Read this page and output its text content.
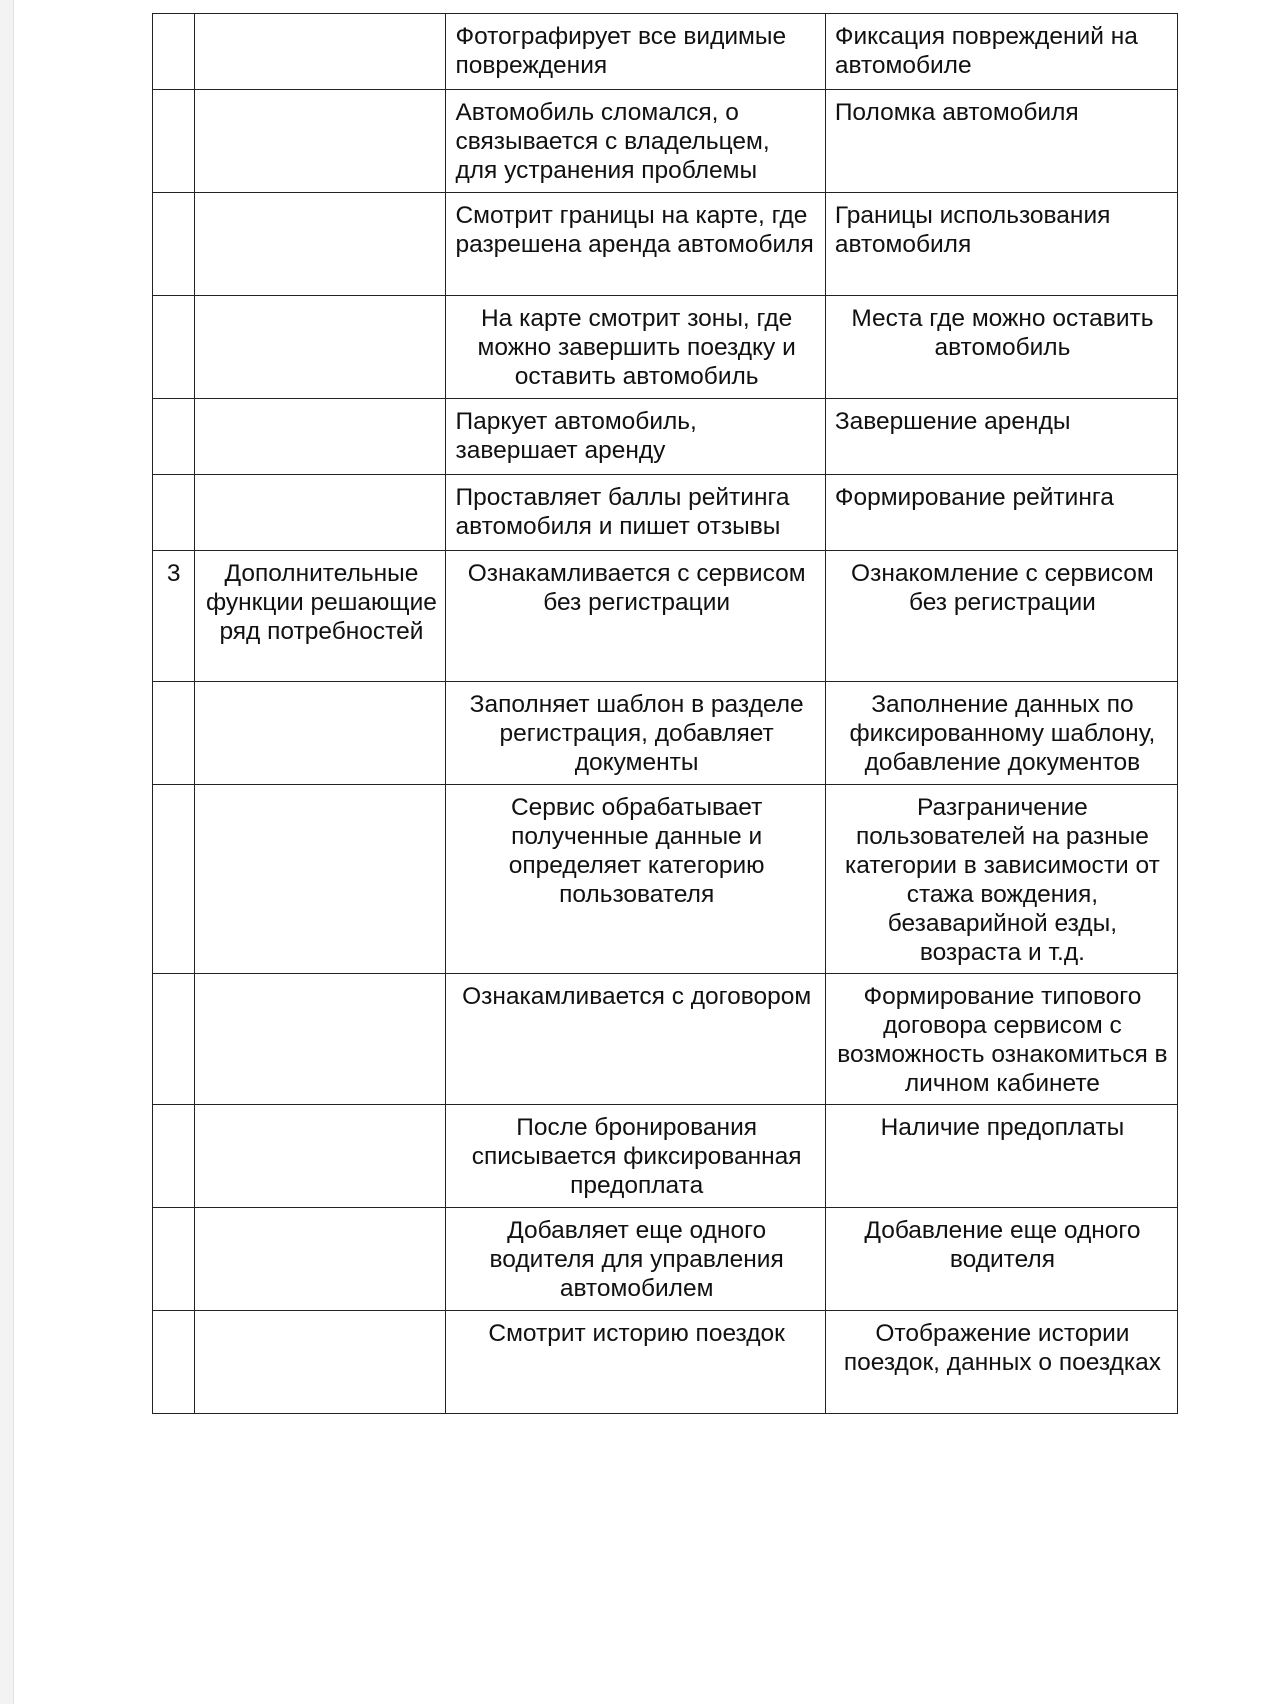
		Фотографирует все видимые повреждения	Фиксация повреждений на автомобиле
		Автомобиль сломался, о связывается с владельцем, для устранения проблемы	Поломка автомобиля
		Смотрит границы на карте, где разрешена аренда автомобиля	Границы использования автомобиля
		На карте смотрит зоны, где можно завершить поездку и оставить автомобиль	Места где можно оставить автомобиль
		Паркует автомобиль, завершает аренду	Завершение аренды
		Проставляет баллы рейтинга автомобиля и пишет отзывы	Формирование рейтинга
3	Дополнительные функции решающие ряд потребностей	Ознакамливается с сервисом без регистрации	Ознакомление с сервисом без регистрации
		Заполняет шаблон в разделе регистрация, добавляет документы	Заполнение данных по фиксированному шаблону, добавление документов
		Сервис обрабатывает полученные данные и определяет категорию пользователя	Разграничение пользователей на разные категории в зависимости от стажа вождения, безаварийной езды, возраста и т.д.
		Ознакамливается с договором	Формирование типового договора сервисом с возможность ознакомиться в личном кабинете
		После бронирования списывается фиксированная предоплата	Наличие предоплаты
		Добавляет еще одного водителя для управления автомобилем	Добавление еще одного водителя
		Смотрит историю поездок	Отображение истории поездок, данных о поездках
